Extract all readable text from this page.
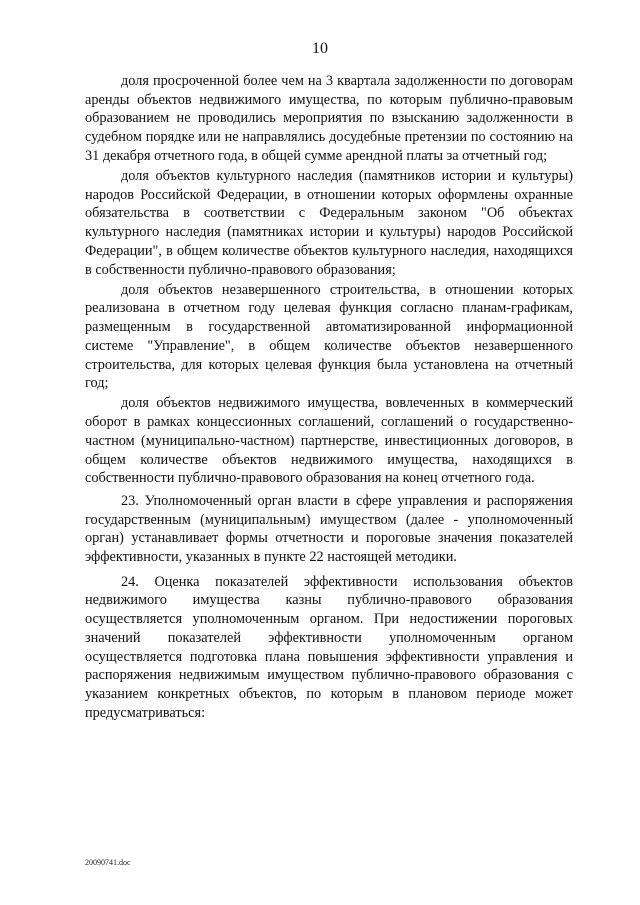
10

доля просроченной более чем на 3 квартала задолженности по договорам аренды объектов недвижимого имущества, по которым публично-правовым образованием не проводились мероприятия по взысканию задолженности в судебном порядке или не направлялись досудебные претензии по состоянию на 31 декабря отчетного года, в общей сумме арендной платы за отчетный год;

доля объектов культурного наследия (памятников истории и культуры) народов Российской Федерации, в отношении которых оформлены охранные обязательства в соответствии с Федеральным законом "Об объектах культурного наследия (памятниках истории и культуры) народов Российской Федерации", в общем количестве объектов культурного наследия, находящихся в собственности публично-правового образования;

доля объектов незавершенного строительства, в отношении которых реализована в отчетном году целевая функция согласно планам-графикам, размещенным в государственной автоматизированной информационной системе "Управление", в общем количестве объектов незавершенного строительства, для которых целевая функция была установлена на отчетный год;

доля объектов недвижимого имущества, вовлеченных в коммерческий оборот в рамках концессионных соглашений, соглашений о государственно-частном (муниципально-частном) партнерстве, инвестиционных договоров, в общем количестве объектов недвижимого имущества, находящихся в собственности публично-правового образования на конец отчетного года.

23. Уполномоченный орган власти в сфере управления и распоряжения государственным (муниципальным) имуществом (далее - уполномоченный орган) устанавливает формы отчетности и пороговые значения показателей эффективности, указанных в пункте 22 настоящей методики.

24. Оценка показателей эффективности использования объектов недвижимого имущества казны публично-правового образования осуществляется уполномоченным органом. При недостижении пороговых значений показателей эффективности уполномоченным органом осуществляется подготовка плана повышения эффективности управления и распоряжения недвижимым имуществом публично-правового образования с указанием конкретных объектов, по которым в плановом периоде может предусматриваться:

20090741.doc
